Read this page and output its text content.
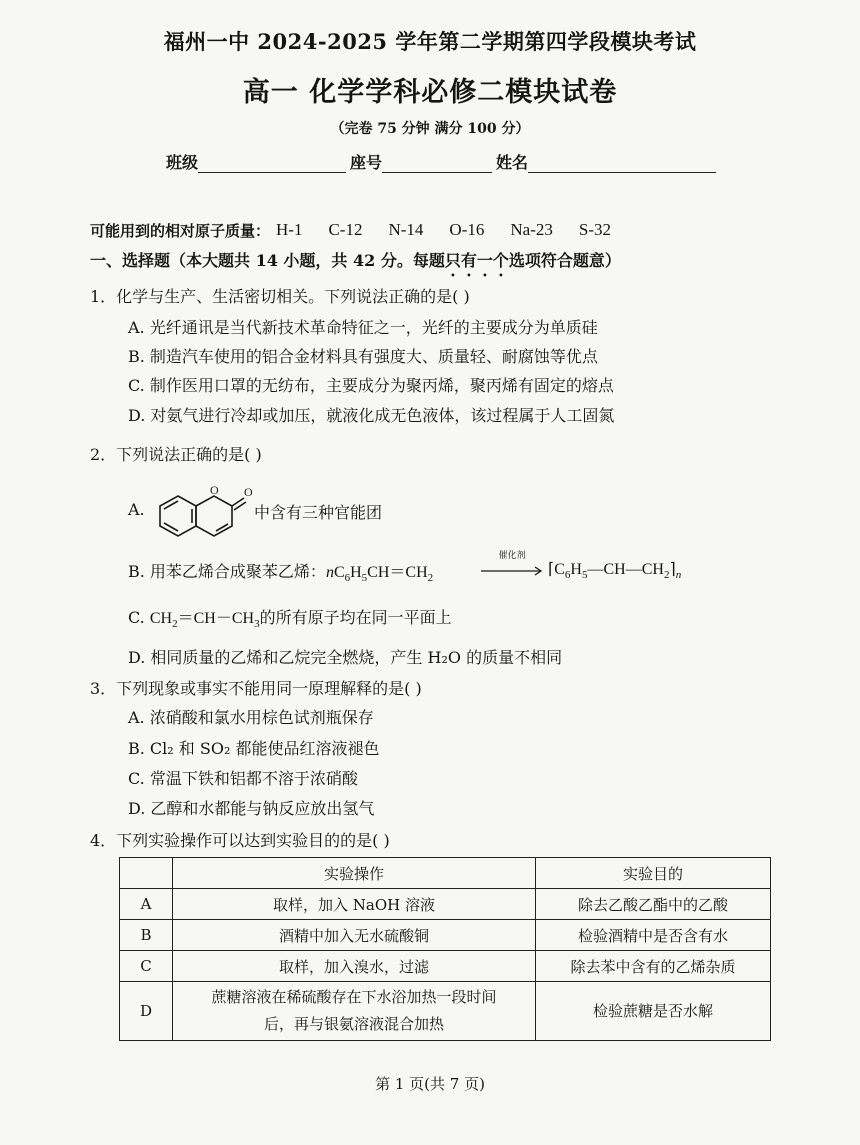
福州一中 2024-2025 学年第二学期第四学段模块考试
高一 化学学科必修二模块试卷
（完卷 75 分钟 满分 100 分）
班级	座号	姓名
可能用到的相对原子质量： H-1 C-12 N-14 O-16 Na-23 S-32
一、选择题（本大题共 14 小题，共 42 分。每题只有一个选项符合题意）
1．化学与生产、生活密切相关。下列说法正确的是( )
A. 光纤通讯是当代新技术革命特征之一，光纤的主要成分为单质硅
B. 制造汽车使用的铝合金材料具有强度大、质量轻、耐腐蚀等优点
C. 制作医用口罩的无纺布，主要成分为聚丙烯，聚丙烯有固定的熔点
D. 对氨气进行冷却或加压，就液化成无色液体，该过程属于人工固氮
2．下列说法正确的是( )
A.
O O
中含有三种官能团
B. 用苯乙烯合成聚苯乙烯：$nC_6H_5CH=CH_2$
催化剂
$⌈C_6H_5—CH—CH_2⌉_n$
C. $CH_2=CH-CH_3$的所有原子均在同一平面上
D. 相同质量的乙烯和乙烷完全燃烧，产生 H₂O 的质量不相同
3．下列现象或事实不能用同一原理解释的是( )
A. 浓硝酸和氯水用棕色试剂瓶保存
B. Cl₂ 和 SO₂ 都能使品红溶液褪色
C. 常温下铁和铝都不溶于浓硝酸
D. 乙醇和水都能与钠反应放出氢气
4．下列实验操作可以达到实验目的的是( )
	实验操作	实验目的
A	取样，加入 NaOH 溶液	除去乙酸乙酯中的乙酸
B	酒精中加入无水硫酸铜	检验酒精中是否含有水
C	取样，加入溴水，过滤	除去苯中含有的乙烯杂质
D	蔗糖溶液在稀硫酸存在下水浴加热一段时间
后，再与银氨溶液混合加热	检验蔗糖是否水解
第 1 页(共 7 页)
